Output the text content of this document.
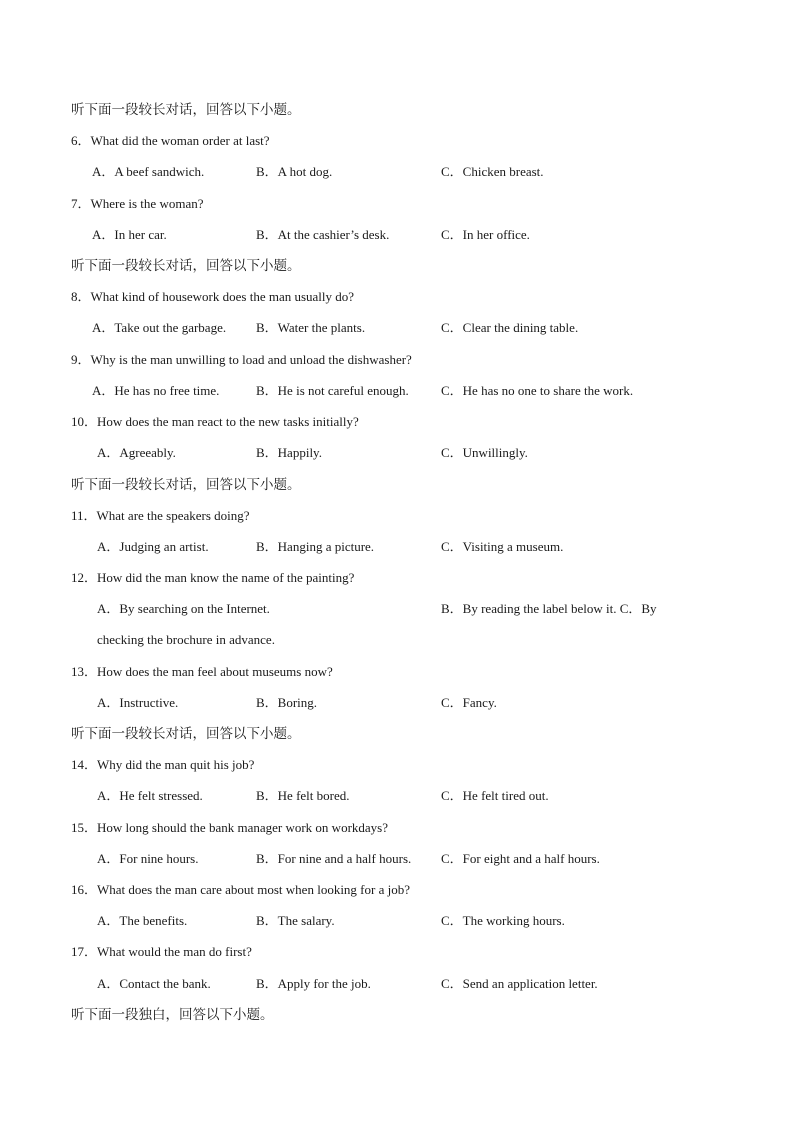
听下面一段较长对话，回答以下小题。
6．What did the woman order at last?
A．A beef sandwich.	B．A hot dog.	C．Chicken breast.
7．Where is the woman?
A．In her car.	B．At the cashier’s desk.	C．In her office.
听下面一段较长对话，回答以下小题。
8．What kind of housework does the man usually do?
A．Take out the garbage. B．Water the plants.	C．Clear the dining table.
9．Why is the man unwilling to load and unload the dishwasher?
A．He has no free time.	B．He is not careful enough. C．He has no one to share the work.
10．How does the man react to the new tasks initially?
A．Agreeably.	B．Happily.	C．Unwillingly.
听下面一段较长对话，回答以下小题。
11．What are the speakers doing?
A．Judging an artist.	B．Hanging a picture.	C．Visiting a museum.
12．How did the man know the name of the painting?
A．By searching on the Internet.	B．By reading the label below it. C．By
checking the brochure in advance.
13．How does the man feel about museums now?
A．Instructive.	B．Boring.	C．Fancy.
听下面一段较长对话，回答以下小题。
14．Why did the man quit his job?
A．He felt stressed.	B．He felt bored.	C．He felt tired out.
15．How long should the bank manager work on workdays?
A．For nine hours.	B．For nine and a half hours. C．For eight and a half hours.
16．What does the man care about most when looking for a job?
A．The benefits.	B．The salary.	C．The working hours.
17．What would the man do first?
A．Contact the bank.	B．Apply for the job.	C．Send an application letter.
听下面一段独白，回答以下小题。
